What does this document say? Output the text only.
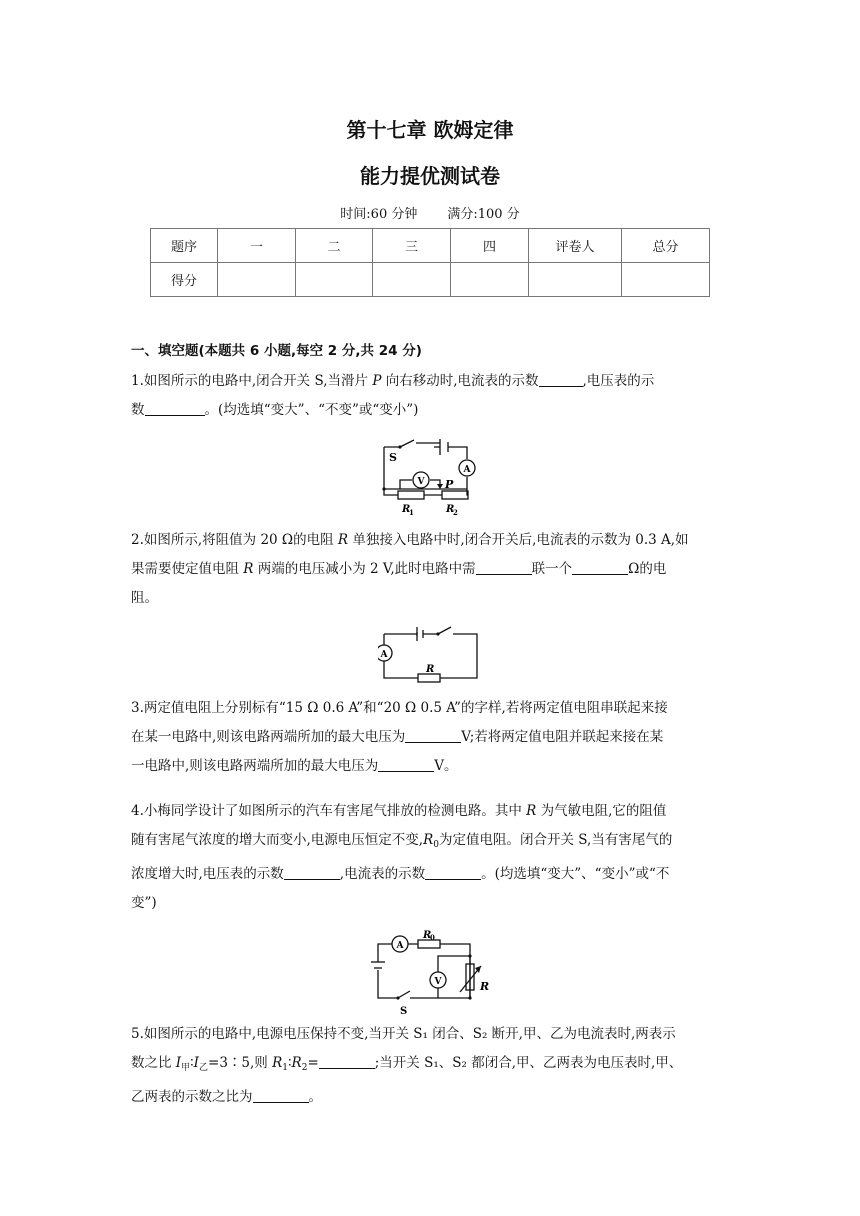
第十七章 欧姆定律
能力提优测试卷
时间:60 分钟 满分:100 分
题序	一	二	三	四	评卷人	总分
得分						
一、填空题(本题共 6 小题,每空 2 分,共 24 分)
1.如图所示的电路中,闭合开关 S,当滑片 P 向右移动时,电流表的示数	,电压表的示
数	。(均选填“变大”、“不变”或“变小”)
S
A
V P
R
1	R
2
2.如图所示,将阻值为 20 Ω的电阻 R 单独接入电路中时,闭合开关后,电流表的示数为 0.3 A,如
果需要使定值电阻 R 两端的电压减小为 2 V,此时电路中需	联一个	Ω的电
阻。
A
R
3.两定值电阻上分别标有“15 Ω 0.6 A”和“20 Ω 0.5 A”的字样,若将两定值电阻串联起来接
在某一电路中,则该电路两端所加的最大电压为	V;若将两定值电阻并联起来接在某
一电路中,则该电路两端所加的最大电压为	V。
4.小梅同学设计了如图所示的汽车有害尾气排放的检测电路。其中 R 为气敏电阻,它的阻值
随有害尾气浓度的增大而变小,电源电压恒定不变$,R_0$为定值电阻。闭合开关 S,当有害尾气的
浓度增大时,电压表的示数	,电流表的示数	。(均选填“变大”、“变小”或“不
变”)
A
V
R
0
R
S
5.如图所示的电路中,电源电压保持不变,当开关 S₁ 闭合、S₂ 断开,甲、乙为电流表时,两表示
数之比 $I_甲∶I_乙=3∶5$,则 $R_1∶R_2=$	;当开关 S₁、S₂ 都闭合,甲、乙两表为电压表时,甲、
乙两表的示数之比为	。
